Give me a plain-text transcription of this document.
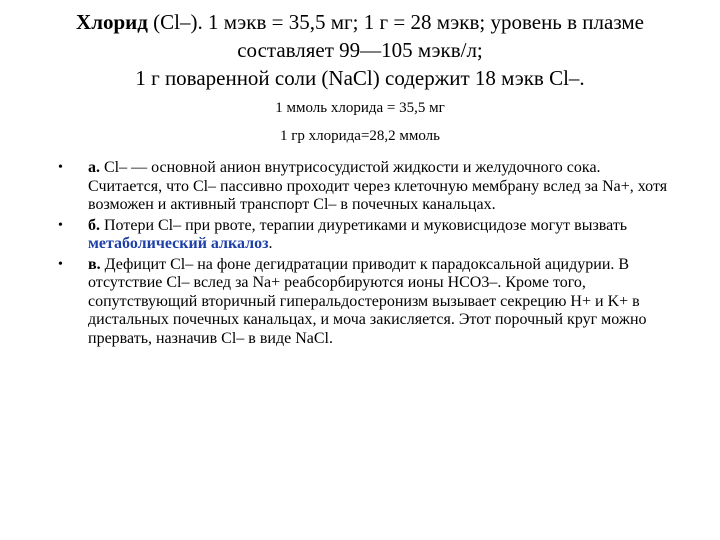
Хлорид (Cl–). 1 мэкв = 35,5 мг; 1 г = 28 мэкв; уровень в плазме составляет 99—105 мэкв/л;
1 г поваренной соли (NaCl) содержит 18 мэкв Cl–.
1 ммоль хлорида = 35,5 мг
1 гр хлорида=28,2 ммоль
• а. Cl– — основной анион внутрисосудистой жидкости и желудочного сока. Считается, что Cl– пассивно проходит через клеточную мембрану вслед за Na+, хотя возможен и активный транспорт Cl– в почечных канальцах.
• б. Потери Cl– при рвоте, терапии диуретиками и муковисцидозе могут вызвать метаболический алкалоз.
• в. Дефицит Cl– на фоне дегидратации приводит к парадоксальной ацидурии. В отсутствие Cl– вслед за Na+ реабсорбируются ионы HCO3–. Кроме того, сопутствующий вторичный гиперальдостеронизм вызывает секрецию H+ и K+ в дистальных почечных канальцах, и моча закисляется. Этот порочный круг можно прервать, назначив Cl– в виде NaCl.
